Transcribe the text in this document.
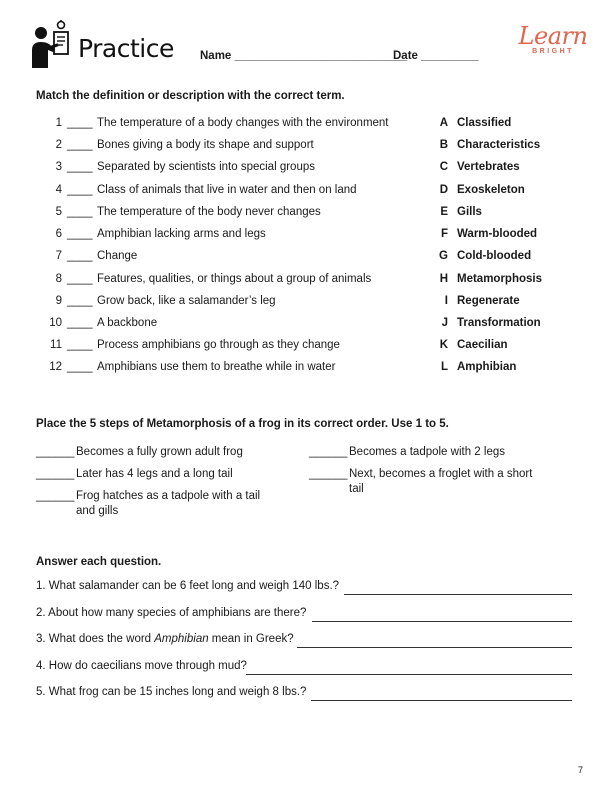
Practice Name ___________________________
Date _________
Learn
BRIGHT
Match the definition or description with the correct term.
1 ____ The temperature of a body changes with the environment	A Classified
2 ____ Bones giving a body its shape and support	B Characteristics
3 ____ Separated by scientists into special groups	C Vertebrates
4 ____ Class of animals that live in water and then on land	D Exoskeleton
5 ____ The temperature of the body never changes	E Gills
6 ____ Amphibian lacking arms and legs	F Warm-blooded
7 ____ Change	G Cold-blooded
8 ____ Features, qualities, or things about a group of animals	H Metamorphosis
9 ____ Grow back, like a salamander’s leg	I Regenerate
10 ____ A backbone	J Transformation
11 ____ Process amphibians go through as they change	K Caecilian
12 ____ Amphibians use them to breathe while in water	L Amphibian
Place the 5 steps of Metamorphosis of a frog in its correct order. Use 1 to 5.
______ Becomes a fully grown adult frog	______ Becomes a tadpole with 2 legs
______ Later has 4 legs and a long tail	______ Next, becomes a froglet with a short tail
______ Frog hatches as a tadpole with a tail and gills
Answer each question.
1. What salamander can be 6 feet long and weigh 140 lbs.?
2. About how many species of amphibians are there?
3. What does the word Amphibian mean in Greek?
4. How do caecilians move through mud?
5. What frog can be 15 inches long and weigh 8 lbs.?
7
